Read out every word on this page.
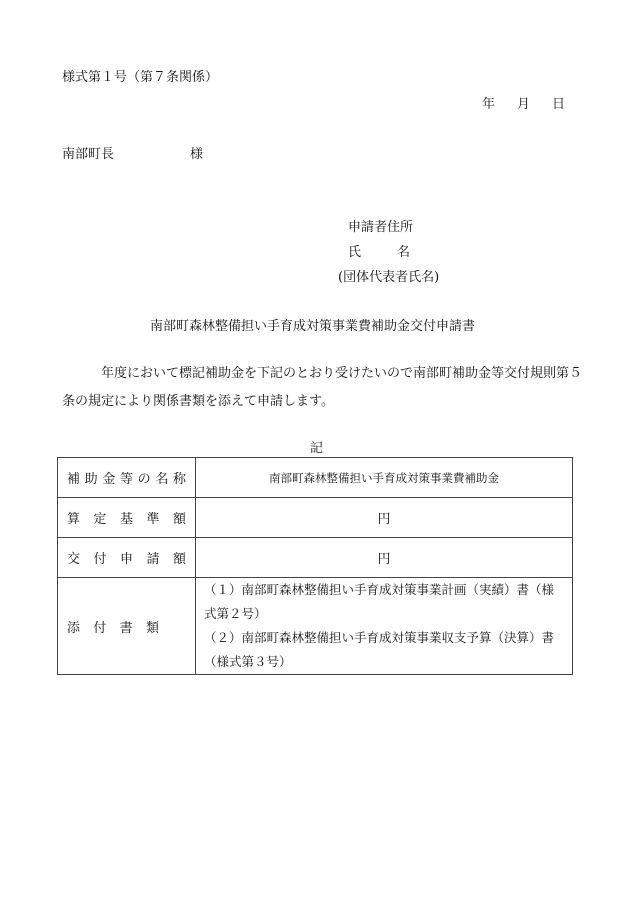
様式第１号（第７条関係）
年 月 日
南部町長	様
申請者住所
氏	名
(団体代表者氏名)
南部町森林整備担い手育成対策事業費補助金交付申請書
年度において標記補助金を下記のとおり受けたいので南部町補助金等交付規則第５条の規定により関係書類を添えて申請します。
記
補助金等の名称	南部町森林整備担い手育成対策事業費補助金
算定基準額	円
交付申請額	円
添付書類	（１）南部町森林整備担い手育成対策事業計画（実績）書（様式第２号）
（２）南部町森林整備担い手育成対策事業収支予算（決算）書（様式第３号）
